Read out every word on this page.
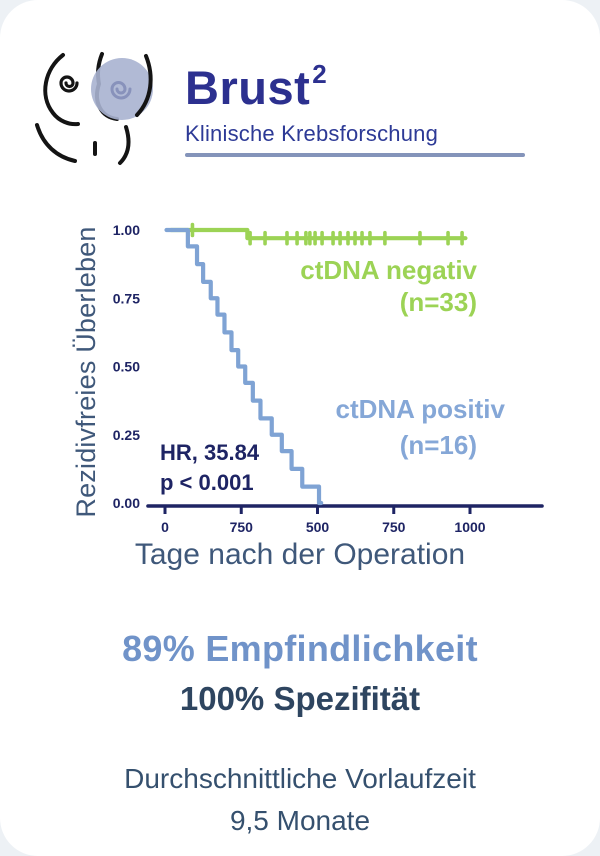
Brust$^2$
Klinische Krebsforschung
0	750	500	750	1000
1.00
0.75
0.50
0.25
0.00
Rezidivfreies Überleben
Tage nach der Operation
ctDNA negativ
(n=33)
ctDNA positiv
(n=16)
HR, 35.84
p < 0.001
89% Empfindlichkeit
100% Spezifität
Durchschnittliche Vorlaufzeit
9,5 Monate
